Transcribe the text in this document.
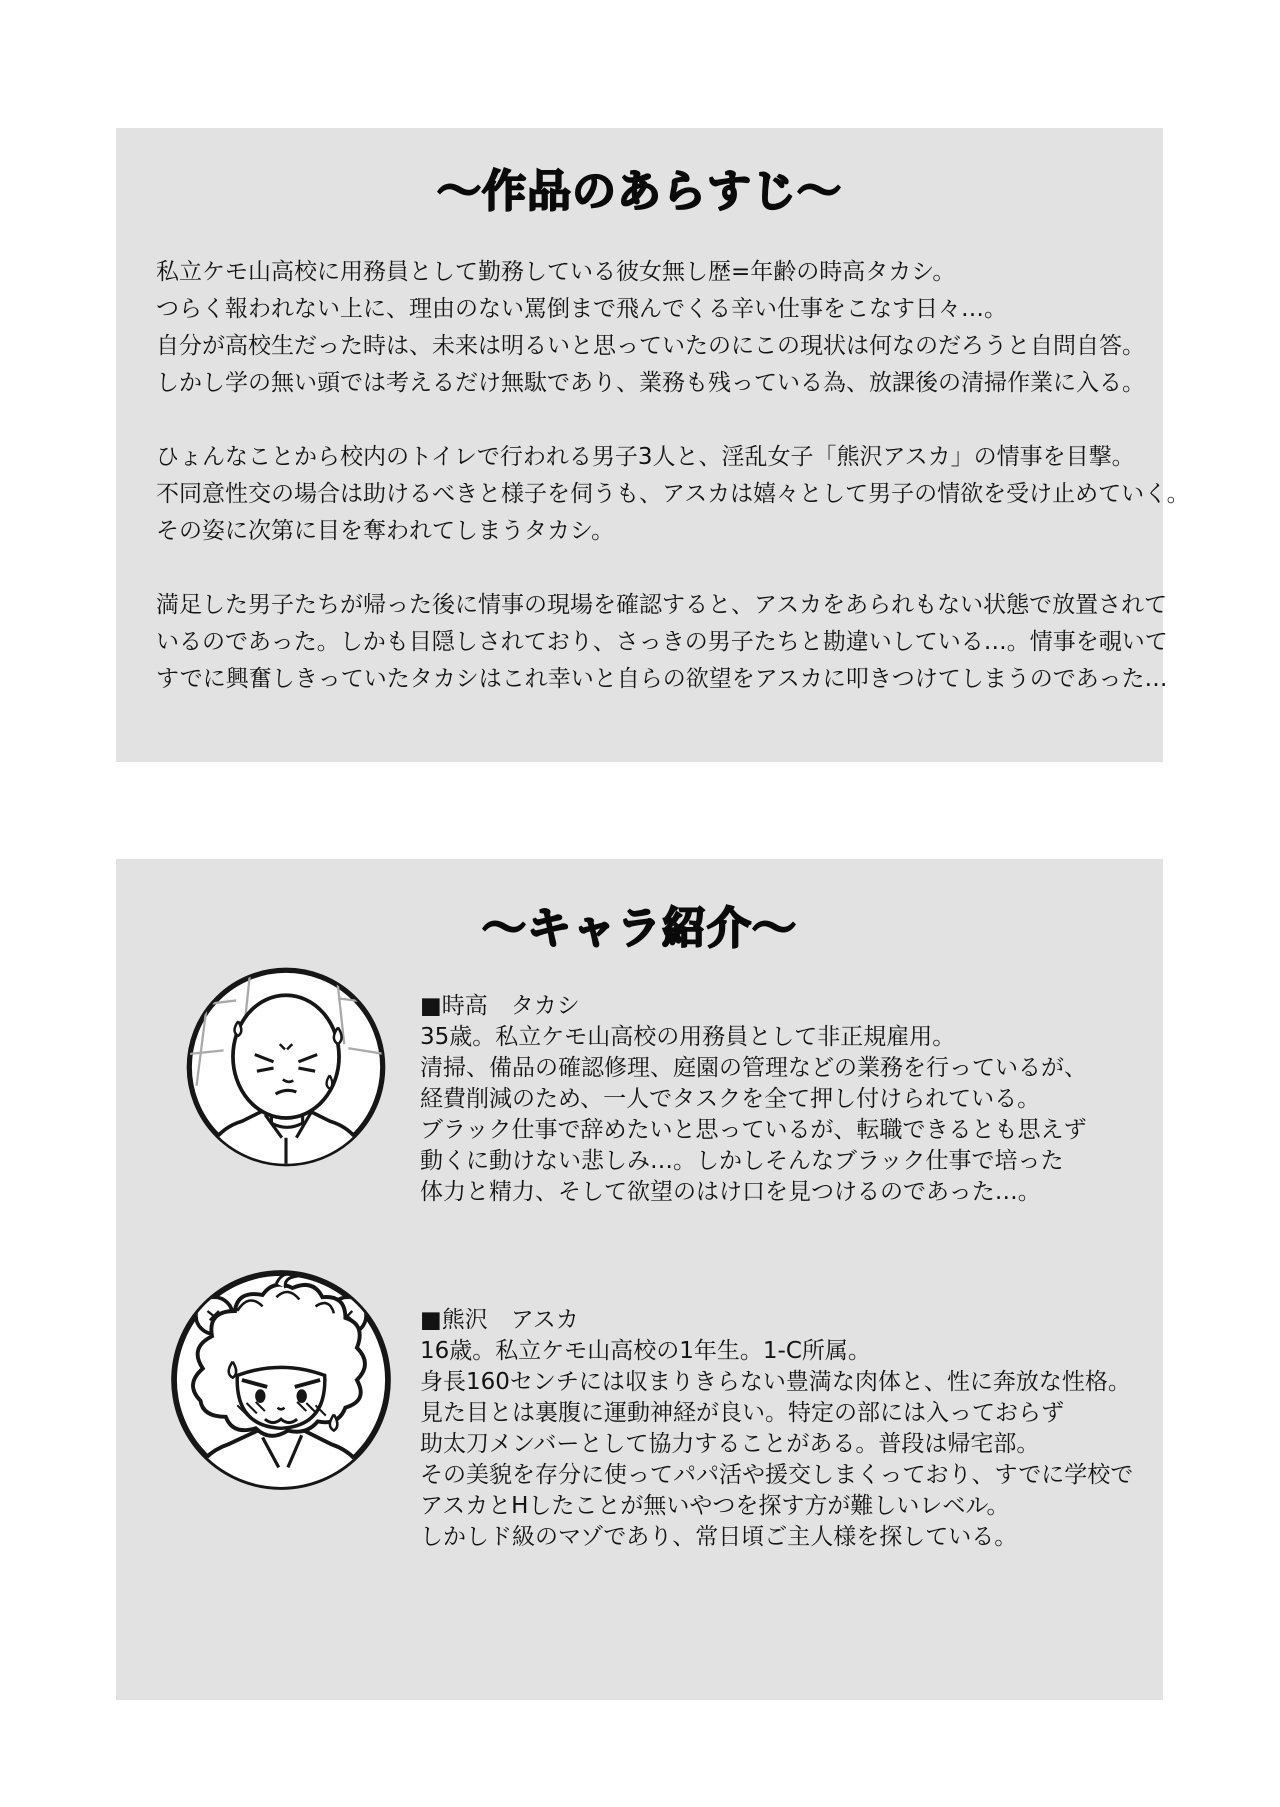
〜作品のあらすじ〜
私立ケモ山高校に用務員として勤務している彼女無し歴=年齢の時高タカシ。
つらく報われない上に、理由のない罵倒まで飛んでくる辛い仕事をこなす日々…。
自分が高校生だった時は、未来は明るいと思っていたのにこの現状は何なのだろうと自問自答。
しかし学の無い頭では考えるだけ無駄であり、業務も残っている為、放課後の清掃作業に入る。
ひょんなことから校内のトイレで行われる男子3人と、淫乱女子「熊沢アスカ」の情事を目撃。
不同意性交の場合は助けるべきと様子を伺うも、アスカは嬉々として男子の情欲を受け止めていく。
その姿に次第に目を奪われてしまうタカシ。
満足した男子たちが帰った後に情事の現場を確認すると、アスカをあられもない状態で放置されて
いるのであった。しかも目隠しされており、さっきの男子たちと勘違いしている…。情事を覗いて
すでに興奮しきっていたタカシはこれ幸いと自らの欲望をアスカに叩きつけてしまうのであった…
〜キャラ紹介〜
■時高　タカシ
35歳。私立ケモ山高校の用務員として非正規雇用。
清掃、備品の確認修理、庭園の管理などの業務を行っているが、
経費削減のため、一人でタスクを全て押し付けられている。
ブラック仕事で辞めたいと思っているが、転職できるとも思えず
動くに動けない悲しみ…。しかしそんなブラック仕事で培った
体力と精力、そして欲望のはけ口を見つけるのであった…。
■熊沢　アスカ
16歳。私立ケモ山高校の1年生。1-C所属。
身長160センチには収まりきらない豊満な肉体と、性に奔放な性格。
見た目とは裏腹に運動神経が良い。特定の部には入っておらず
助太刀メンバーとして協力することがある。普段は帰宅部。
その美貌を存分に使ってパパ活や援交しまくっており、すでに学校で
アスカとHしたことが無いやつを探す方が難しいレベル。
しかしド級のマゾであり、常日頃ご主人様を探している。
